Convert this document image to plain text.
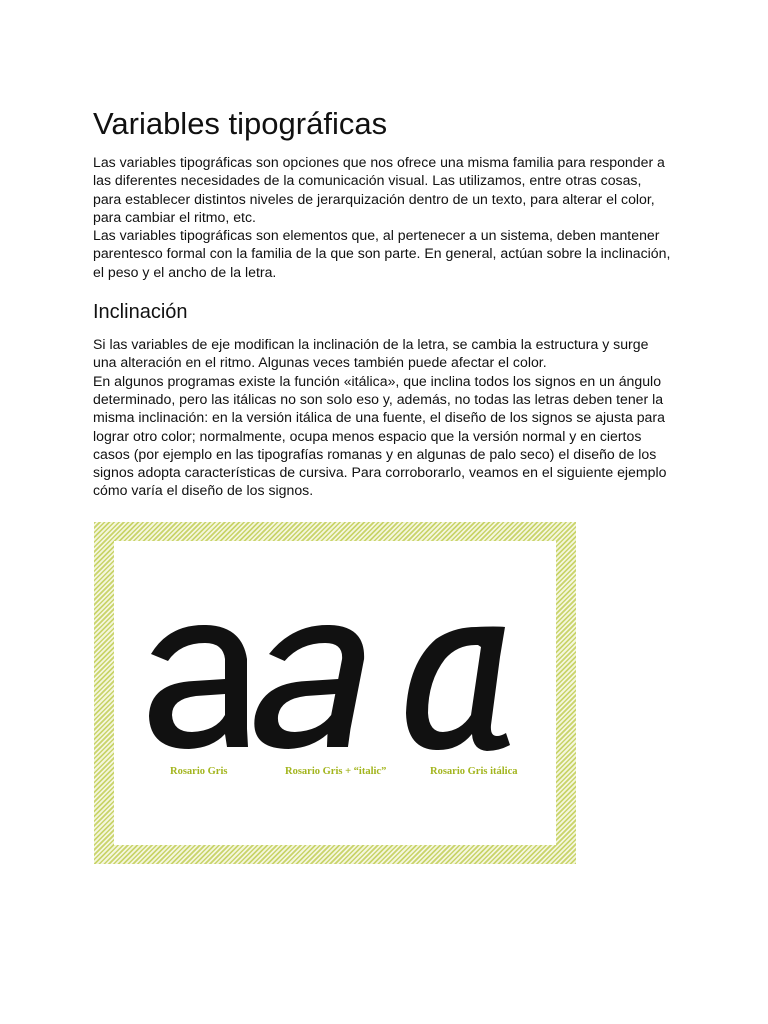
Variables tipográficas

Las variables tipográficas son opciones que nos ofrece una misma familia para responder a
las diferentes necesidades de la comunicación visual. Las utilizamos, entre otras cosas,
para establecer distintos niveles de jerarquización dentro de un texto, para alterar el color,
para cambiar el ritmo, etc.
Las variables tipográficas son elementos que, al pertenecer a un sistema, deben mantener
parentesco formal con la familia de la que son parte. En general, actúan sobre la inclinación,
el peso y el ancho de la letra.

Inclinación

Si las variables de eje modifican la inclinación de la letra, se cambia la estructura y surge
una alteración en el ritmo. Algunas veces también puede afectar el color.
En algunos programas existe la función «itálica», que inclina todos los signos en un ángulo
determinado, pero las itálicas no son solo eso y, además, no todas las letras deben tener la
misma inclinación: en la versión itálica de una fuente, el diseño de los signos se ajusta para
lograr otro color; normalmente, ocupa menos espacio que la versión normal y en ciertos
casos (por ejemplo en las tipografías romanas y en algunas de palo seco) el diseño de los
signos adopta características de cursiva. Para corroborarlo, veamos en el siguiente ejemplo
cómo varía el diseño de los signos.

Rosario Gris	Rosario Gris + “italic”	Rosario Gris itálica
